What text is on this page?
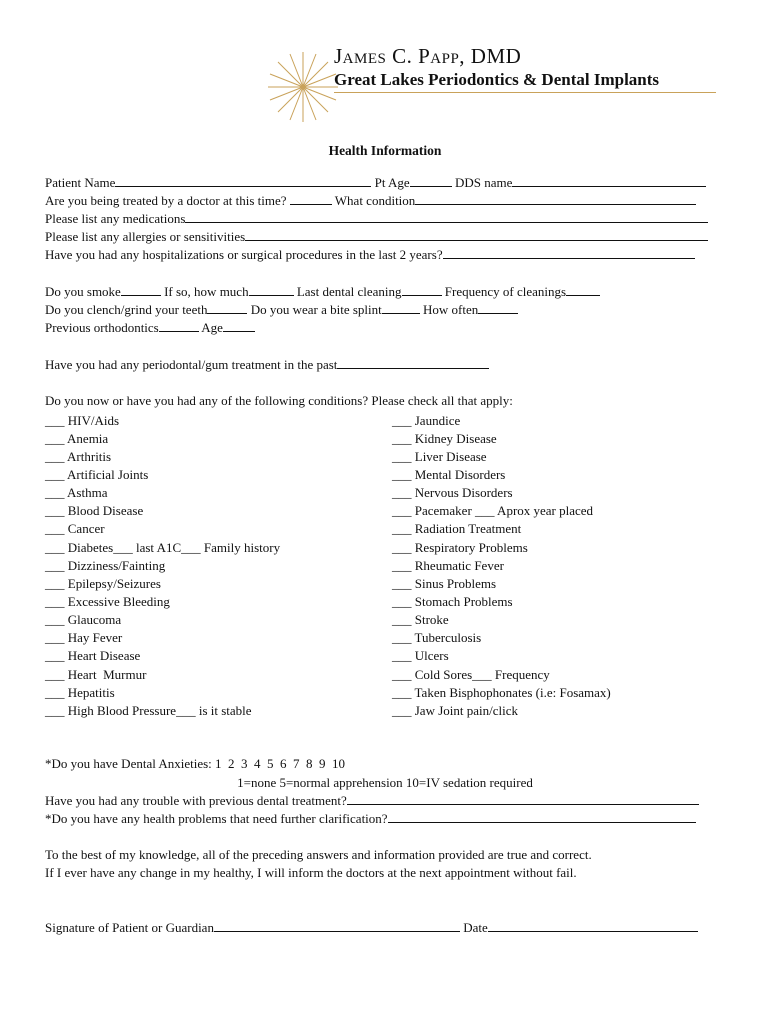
James C. Papp, DMD
Great Lakes Periodontics & Dental Implants
Health Information
Patient Name	Pt Age	DDS name
Are you being treated by a doctor at this time?	What condition
Please list any medications
Please list any allergies or sensitivities
Have you had any hospitalizations or surgical procedures in the last 2 years?
Do you smoke	If so, how much	Last dental cleaning	Frequency of cleanings
Do you clench/grind your teeth	Do you wear a bite splint	How often
Previous orthodontics	Age
Have you had any periodontal/gum treatment in the past
Do you now or have you had any of the following conditions? Please check all that apply:
___ HIV/Aids
___ Anemia
___ Arthritis
___ Artificial Joints
___ Asthma
___ Blood Disease
___ Cancer
___ Diabetes___ last A1C___ Family history
___ Dizziness/Fainting
___ Epilepsy/Seizures
___ Excessive Bleeding
___ Glaucoma
___ Hay Fever
___ Heart Disease
___ Heart  Murmur
___ Hepatitis
___ High Blood Pressure___ is it stable
___ Jaundice
___ Kidney Disease
___ Liver Disease
___ Mental Disorders
___ Nervous Disorders
___ Pacemaker ___ Aprox year placed
___ Radiation Treatment
___ Respiratory Problems
___ Rheumatic Fever
___ Sinus Problems
___ Stomach Problems
___ Stroke
___ Tuberculosis
___ Ulcers
___ Cold Sores___ Frequency
___ Taken Bisphophonates (i.e: Fosamax)
___ Jaw Joint pain/click
*Do you have Dental Anxieties: 1  2  3  4  5  6  7  8  9  10
1=none 5=normal apprehension 10=IV sedation required
Have you had any trouble with previous dental treatment?
*Do you have any health problems that need further clarification?
To the best of my knowledge, all of the preceding answers and information provided are true and correct.
If I ever have any change in my healthy, I will inform the doctors at the next appointment without fail.
Signature of Patient or Guardian	Date
